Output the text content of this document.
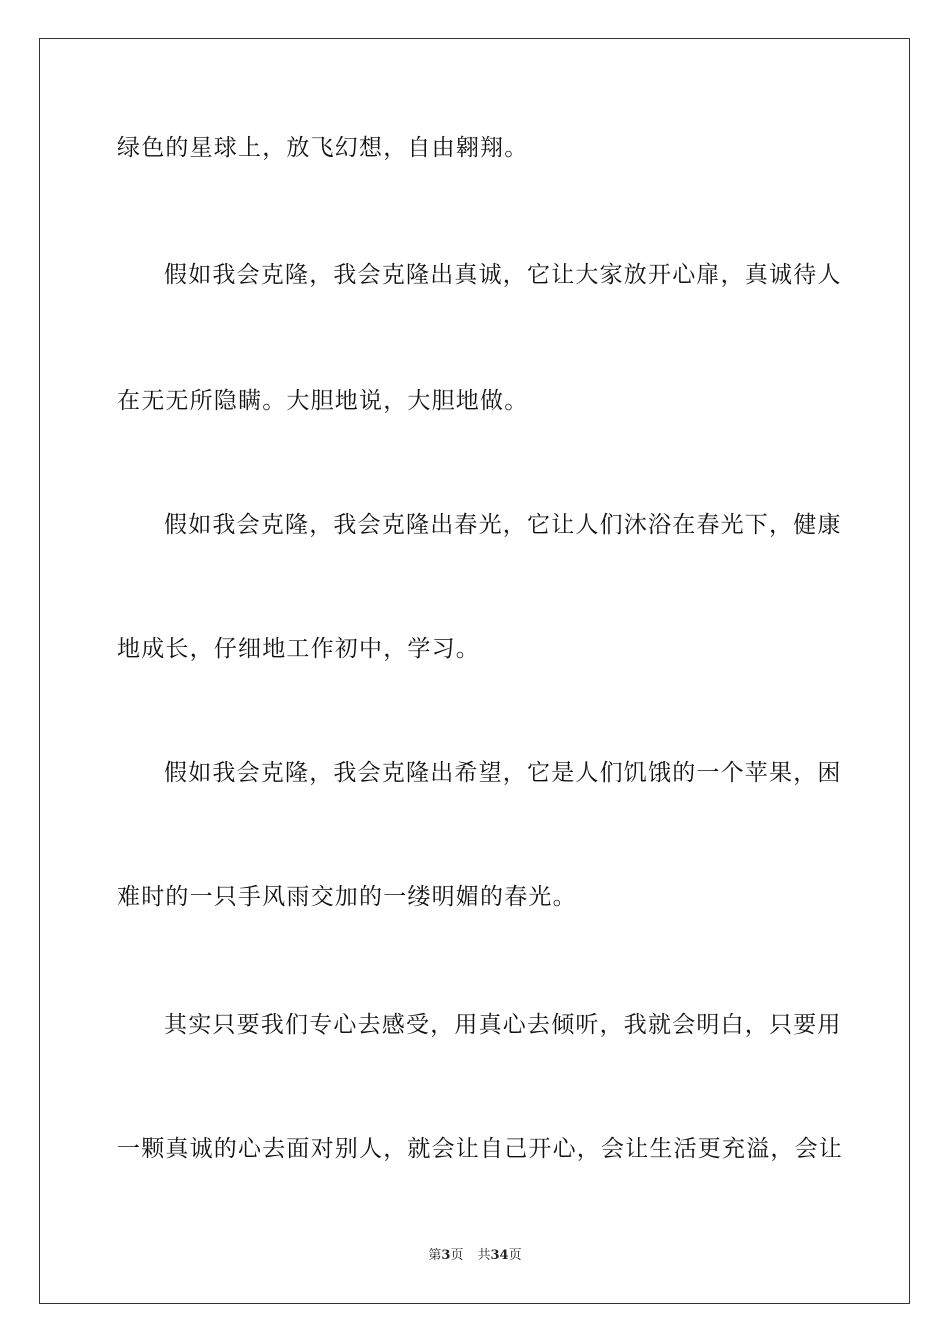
绿色的星球上，放飞幻想，自由翱翔。
假如我会克隆，我会克隆出真诚，它让大家放开心扉，真诚待人
在无无所隐瞒。大胆地说，大胆地做。
假如我会克隆，我会克隆出春光，它让人们沐浴在春光下，健康
地成长，仔细地工作初中，学习。
假如我会克隆，我会克隆出希望，它是人们饥饿的一个苹果，困
难时的一只手风雨交加的一缕明媚的春光。
其实只要我们专心去感受，用真心去倾听，我就会明白，只要用
一颗真诚的心去面对别人，就会让自己开心，会让生活更充溢，会让
第3页 共34页
